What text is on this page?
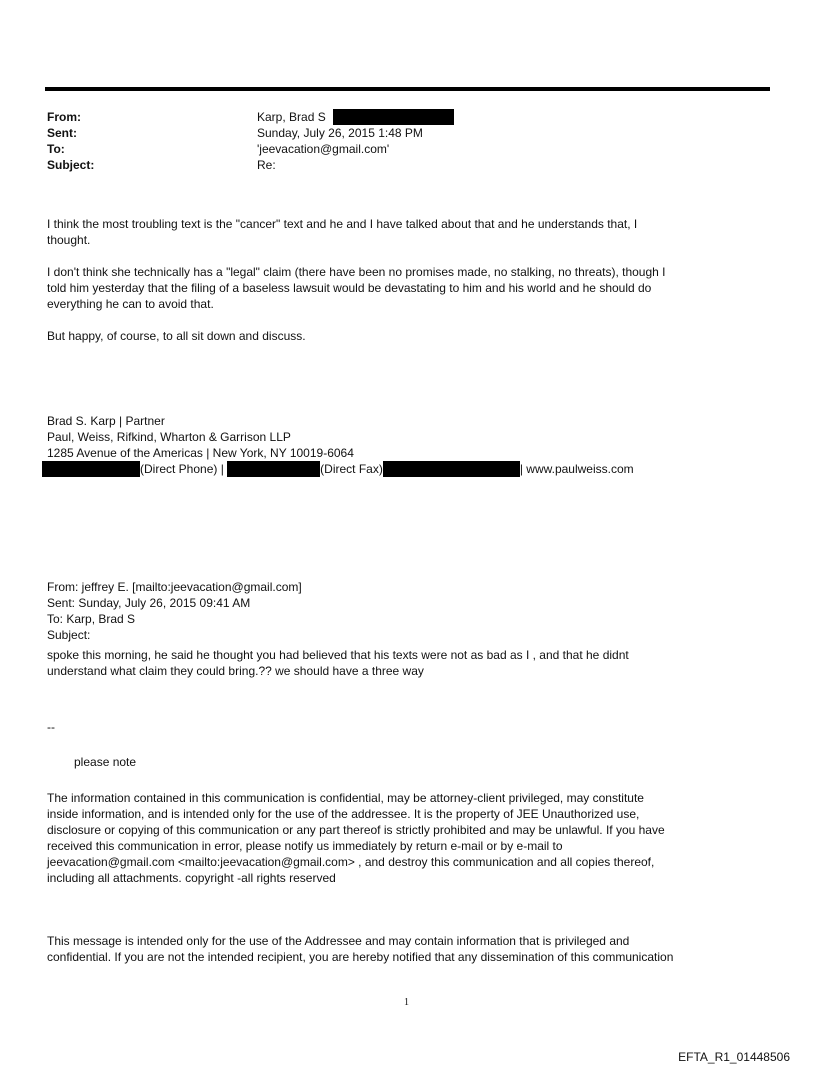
From:	Karp, Brad S
Sent:	Sunday, July 26, 2015 1:48 PM
To:	'jeevacation@gmail.com'
Subject:	Re:
I think the most troubling text is the "cancer" text and he and I have talked about that and he understands that, I
thought.
I don't think she technically has a "legal" claim (there have been no promises made, no stalking, no threats), though I
told him yesterday that the filing of a baseless lawsuit would be devastating to him and his world and he should do
everything he can to avoid that.
But happy, of course, to all sit down and discuss.
Brad S. Karp | Partner
Paul, Weiss, Rifkind, Wharton & Garrison LLP
1285 Avenue of the Americas | New York, NY 10019-6064
(Direct Phone) |	(Direct Fax)	| www.paulweiss.com
From: jeffrey E. [mailto:jeevacation@gmail.com]
Sent: Sunday, July 26, 2015 09:41 AM
To: Karp, Brad S
Subject:
spoke this morning, he said he thought you had believed that his texts were not as bad as I , and that he didnt
understand what claim they could bring.?? we should have a three way
--
please note
The information contained in this communication is confidential, may be attorney-client privileged, may constitute
inside information, and is intended only for the use of the addressee. It is the property of JEE Unauthorized use,
disclosure or copying of this communication or any part thereof is strictly prohibited and may be unlawful. If you have
received this communication in error, please notify us immediately by return e-mail or by e-mail to
jeevacation@gmail.com <mailto:jeevacation@gmail.com> , and destroy this communication and all copies thereof,
including all attachments. copyright -all rights reserved
This message is intended only for the use of the Addressee and may contain information that is privileged and
confidential. If you are not the intended recipient, you are hereby notified that any dissemination of this communication
1
EFTA_R1_01448506
